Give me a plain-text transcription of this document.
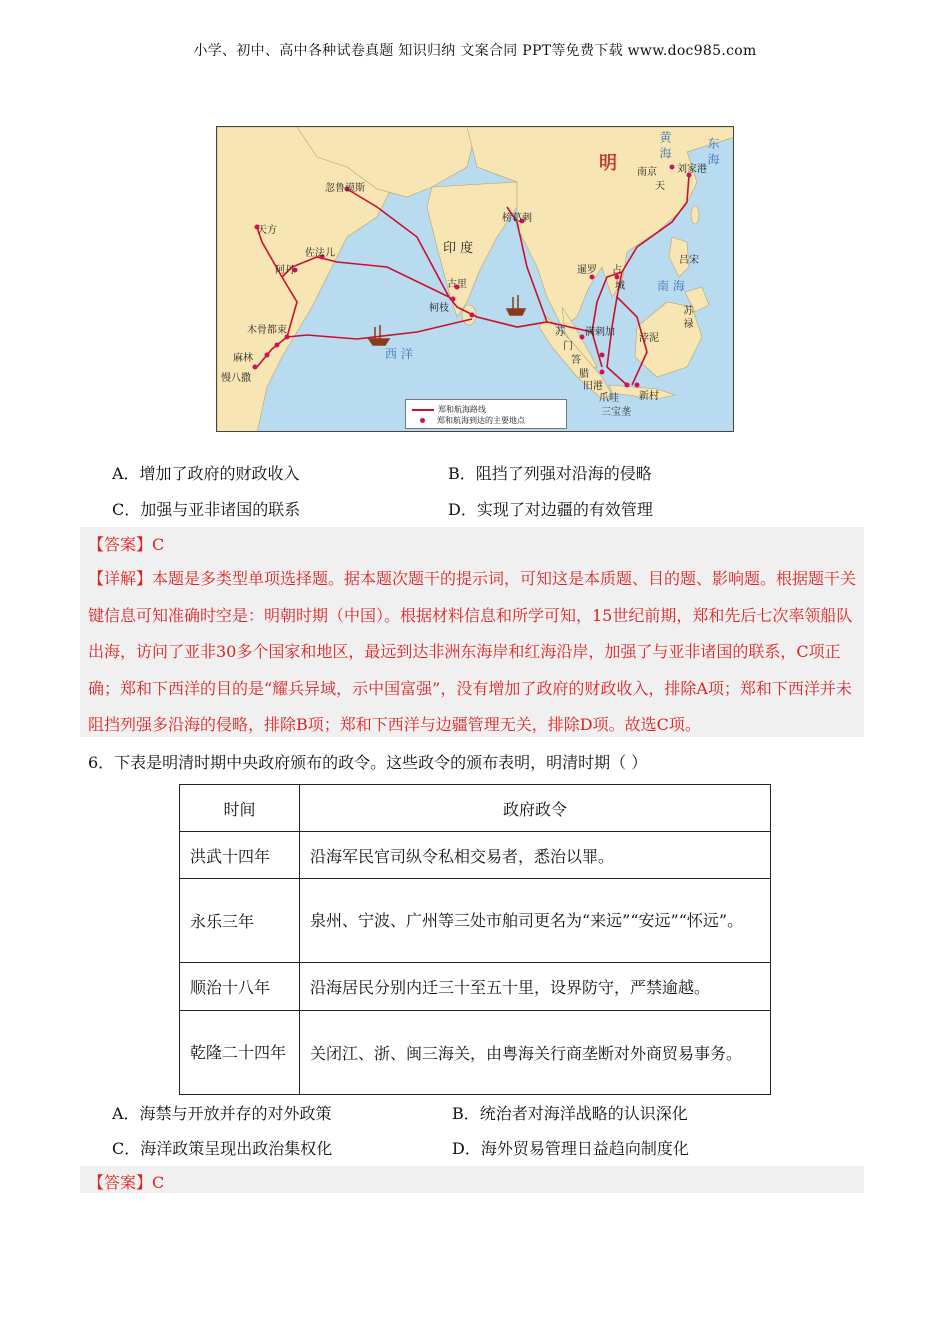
小学、初中、高中各种试卷真题 知识归纳 文案合同 PPT等免费下载 www.doc985.com
明 南京 刘家港
黄 海	东 海
天
忽鲁谟斯
天方
佐法儿
阿丹
印 度
榜葛剌
古里
柯枝
暹罗 占
城
吕宋
南 海
苏 禄
浡泥
木骨都束
麻林
慢八撒
西 洋
苏
门
答
腊
满剌加
旧港
爪哇
三宝垄
新村
郑和航海路线
郑和航海到达的主要地点
A．增加了政府的财政收入	B．阻挡了列强对沿海的侵略
C．加强与亚非诸国的联系	D．实现了对边疆的有效管理
【答案】C
【详解】本题是多类型单项选择题。据本题次题干的提示词，可知这是本质题、目的题、影响题。根据题干关键信息可知准确时空是：明朝时期（中国）。根据材料信息和所学可知，15世纪前期，郑和先后七次率领船队出海，访问了亚非30多个国家和地区，最远到达非洲东海岸和红海沿岸，加强了与亚非诸国的联系，C项正确；郑和下西洋的目的是“耀兵异域，示中国富强”，没有增加了政府的财政收入，排除A项；郑和下西洋并未阻挡列强多沿海的侵略，排除B项；郑和下西洋与边疆管理无关，排除D项。故选C项。
6．下表是明清时期中央政府颁布的政令。这些政令的颁布表明，明清时期（ ）
时间	政府政令
洪武十四年	沿海军民官司纵令私相交易者，悉治以罪。
永乐三年	泉州、宁波、广州等三处市舶司更名为“来远”“安远”“怀远”。
顺治十八年	沿海居民分别内迁三十至五十里，设界防守，严禁逾越。
乾隆二十四年	关闭江、浙、闽三海关，由粤海关行商垄断对外商贸易事务。
A．海禁与开放并存的对外政策	B．统治者对海洋战略的认识深化
C．海洋政策呈现出政治集权化	D．海外贸易管理日益趋向制度化
【答案】C
